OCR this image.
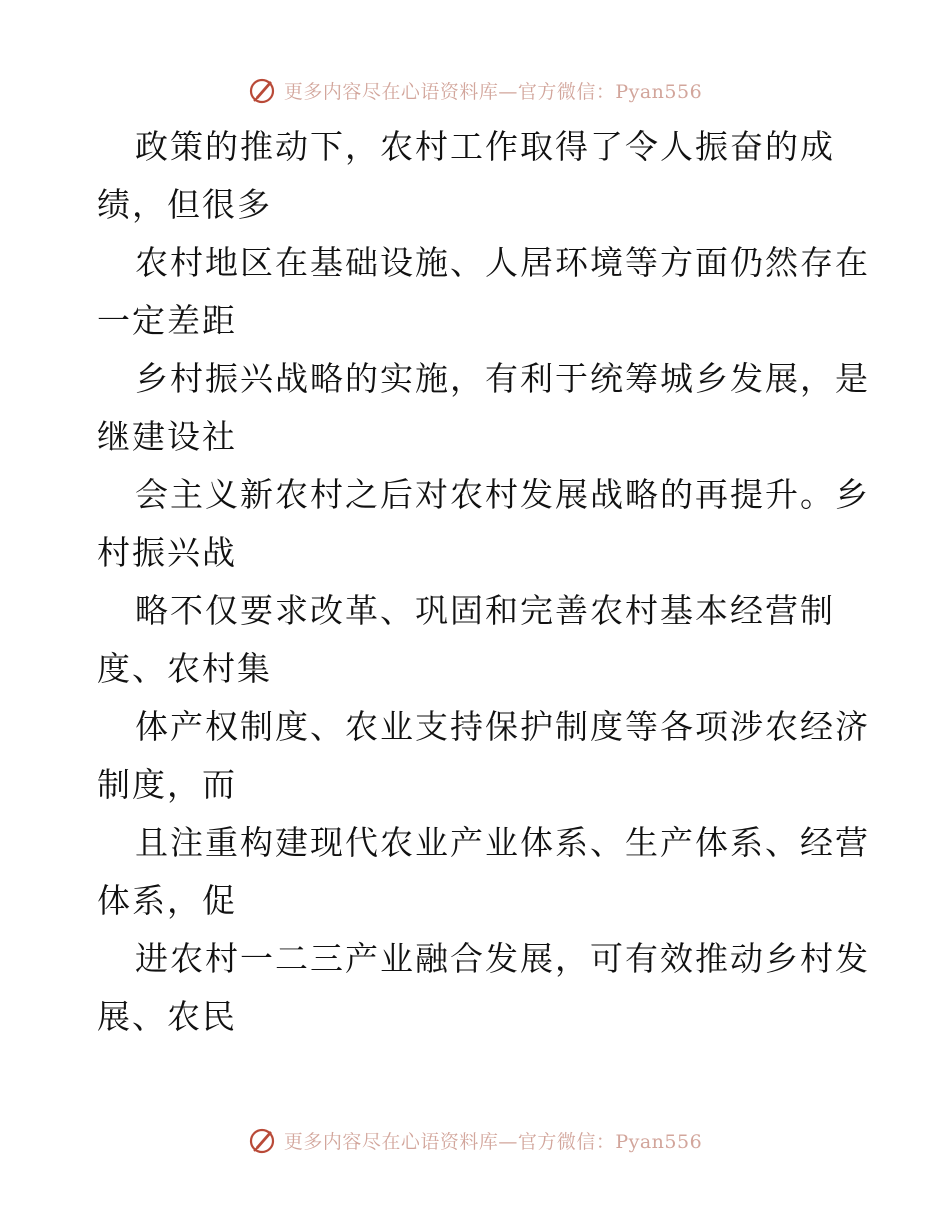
更多内容尽在心语资料库—官方微信：Pyan556
政策的推动下，农村工作取得了令人振奋的成
绩，但很多
农村地区在基础设施、人居环境等方面仍然存在
一定差距
乡村振兴战略的实施，有利于统筹城乡发展，是
继建设社
会主义新农村之后对农村发展战略的再提升。乡
村振兴战
略不仅要求改革、巩固和完善农村基本经营制
度、农村集
体产权制度、农业支持保护制度等各项涉农经济
制度，而
且注重构建现代农业产业体系、生产体系、经营
体系，促
进农村一二三产业融合发展，可有效推动乡村发
展、农民
更多内容尽在心语资料库—官方微信：Pyan556
